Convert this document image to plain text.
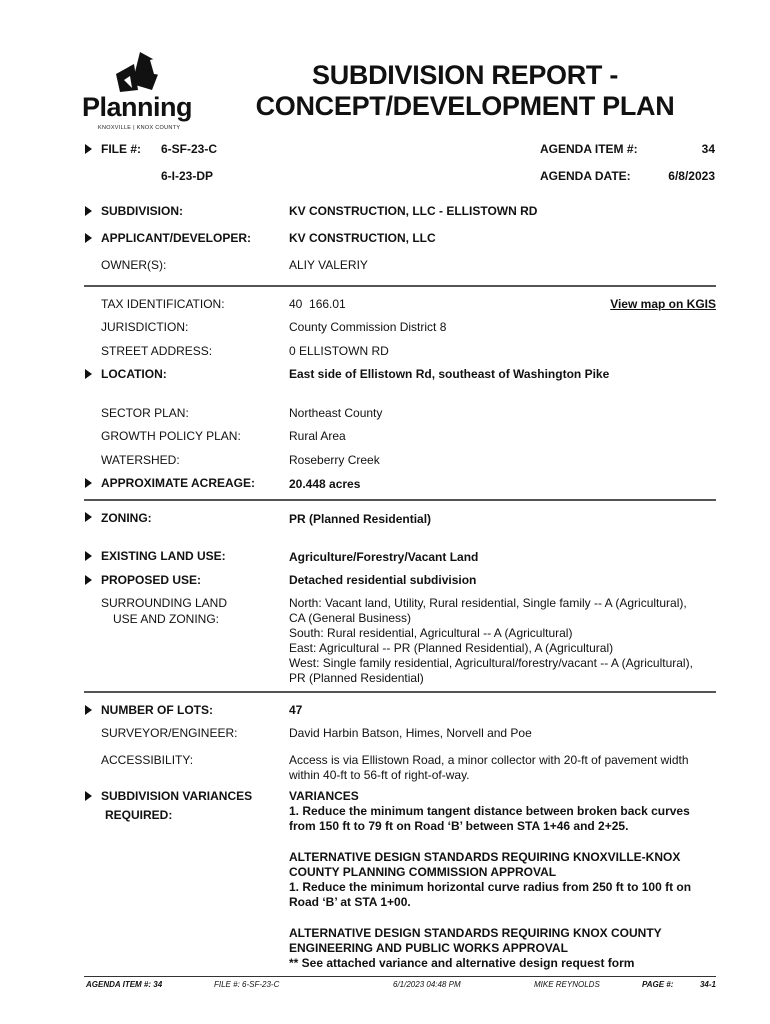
Planning
KNOXVILLE | KNOX COUNTY
SUBDIVISION REPORT -
CONCEPT/DEVELOPMENT PLAN
FILE #: 6-SF-23-C
6-I-23-DP
AGENDA ITEM #:	34
AGENDA DATE:	6/8/2023
SUBDIVISION:	KV CONSTRUCTION, LLC - ELLISTOWN RD
APPLICANT/DEVELOPER:	KV CONSTRUCTION, LLC
OWNER(S):	ALIY VALERIY
TAX IDENTIFICATION:	40  166.01	View map on KGIS
JURISDICTION:	County Commission District 8
STREET ADDRESS:	0 ELLISTOWN RD
LOCATION:	East side of Ellistown Rd, southeast of Washington Pike
SECTOR PLAN:	Northeast County
GROWTH POLICY PLAN:	Rural Area
WATERSHED:	Roseberry Creek
APPROXIMATE ACREAGE:	20.448 acres
ZONING:	PR (Planned Residential)
EXISTING LAND USE:	Agriculture/Forestry/Vacant Land
PROPOSED USE:	Detached residential subdivision
SURROUNDING LAND
USE AND ZONING:
North: Vacant land, Utility, Rural residential, Single family -- A (Agricultural),
CA (General Business)
South: Rural residential, Agricultural -- A (Agricultural)
East: Agricultural -- PR (Planned Residential), A (Agricultural)
West: Single family residential, Agricultural/forestry/vacant -- A (Agricultural),
PR (Planned Residential)
NUMBER OF LOTS:	47
SURVEYOR/ENGINEER:	David Harbin Batson, Himes, Norvell and Poe
ACCESSIBILITY:	Access is via Ellistown Road, a minor collector with 20-ft of pavement width
within 40-ft to 56-ft of right-of-way.
SUBDIVISION VARIANCES
REQUIRED:
VARIANCES
1. Reduce the minimum tangent distance between broken back curves
from 150 ft to 79 ft on Road ‘B’ between STA 1+46 and 2+25.
ALTERNATIVE DESIGN STANDARDS REQUIRING KNOXVILLE-KNOX
COUNTY PLANNING COMMISSION APPROVAL
1. Reduce the minimum horizontal curve radius from 250 ft to 100 ft on
Road ‘B’ at STA 1+00.
ALTERNATIVE DESIGN STANDARDS REQUIRING KNOX COUNTY
ENGINEERING AND PUBLIC WORKS APPROVAL
** See attached variance and alternative design request form
AGENDA ITEM #: 34	FILE #: 6-SF-23-C	6/1/2023 04:48 PM	MIKE REYNOLDS	PAGE #:	34-1
